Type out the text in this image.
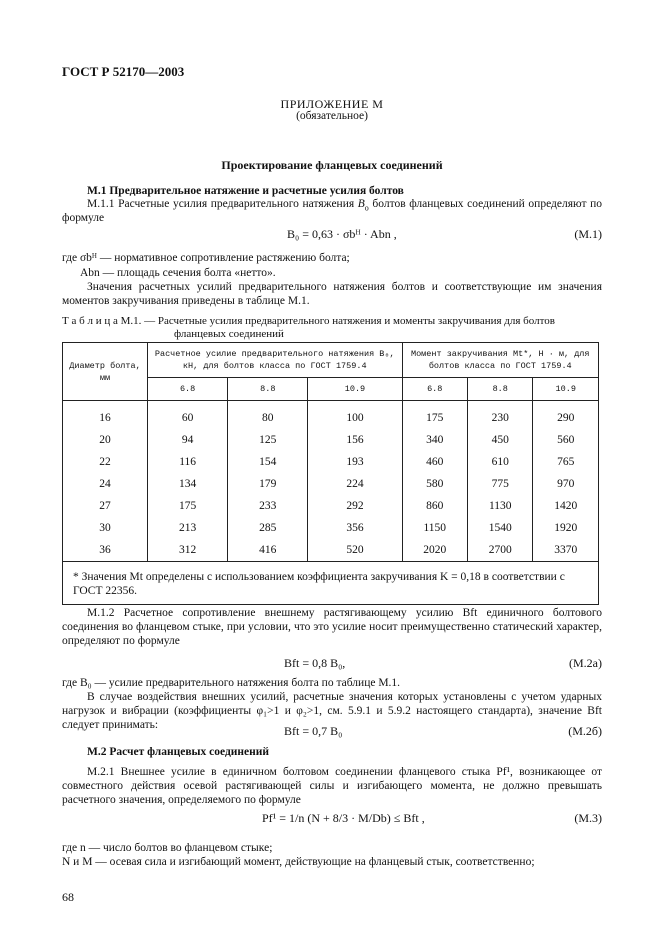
ГОСТ Р 52170—2003
ПРИЛОЖЕНИЕ М
(обязательное)
Проектирование фланцевых соединений
М.1 Предварительное натяжение и расчетные усилия болтов
М.1.1 Расчетные усилия предварительного натяжения $B_o$ болтов фланцевых соединений определяют по формуле
B₀ = 0,63 · σbᴴ · Abn ,	(М.1)
где σbᴴ — нормативное сопротивление растяжению болта;
Abn — площадь сечения болта «нетто».
Значения расчетных усилий предварительного натяжения болтов и соответствующие им значения моментов закручивания приведены в таблице М.1.
Т а б л и ц а М.1. — Расчетные усилия предварительного натяжения и моменты закручивания для болтов
фланцевых соединений
Диаметр болта, мм	Расчетное усилие предварительного натяжения B₀, кН, для болтов класса по ГОСТ 1759.4			Момент закручивания Mt*, Н · м, для болтов класса по ГОСТ 1759.4		
	6.8	8.8	10.9	6.8	8.8	10.9

16	60	80	100	175	230	290
20	94	125	156	340	450	560
22	116	154	193	460	610	765
24	134	179	224	580	775	970
27	175	233	292	860	1130	1420
30	213	285	356	1150	1540	1920
36	312	416	520	2020	2700	3370
* Значения Mt определены с использованием коэффициента закручивания K = 0,18 в соответствии с ГОСТ 22356.						
М.1.2 Расчетное сопротивление внешнему растягивающему усилию Bft единичного болтового соединения во фланцевом стыке, при условии, что это усилие носит преимущественно статический характер, определяют по формуле
Bft = 0,8 B₀,	(М.2а)
где B₀ — усилие предварительного натяжения болта по таблице М.1.
В случае воздействия внешних усилий, расчетные значения которых установлены с учетом ударных нагрузок и вибрации (коэффициенты φ₁>1 и φ₂>1, см. 5.9.1 и 5.9.2 настоящего стандарта), значение Bft следует принимать:	Bft = 0,7 B₀	(М.2б)
М.2 Расчет фланцевых соединений
М.2.1 Внешнее усилие в единичном болтовом соединении фланцевого стыка Pf¹, возникающее от совместного действия осевой растягивающей силы и изгибающего момента, не должно превышать расчетного значения, определяемого по формуле
Pf¹ = 1/n (N + 8/3 · M/Db) ≤ Bft ,	(М.3)
где n — число болтов во фланцевом стыке;
N и M — осевая сила и изгибающий момент, действующие на фланцевый стык, соответственно;
68
